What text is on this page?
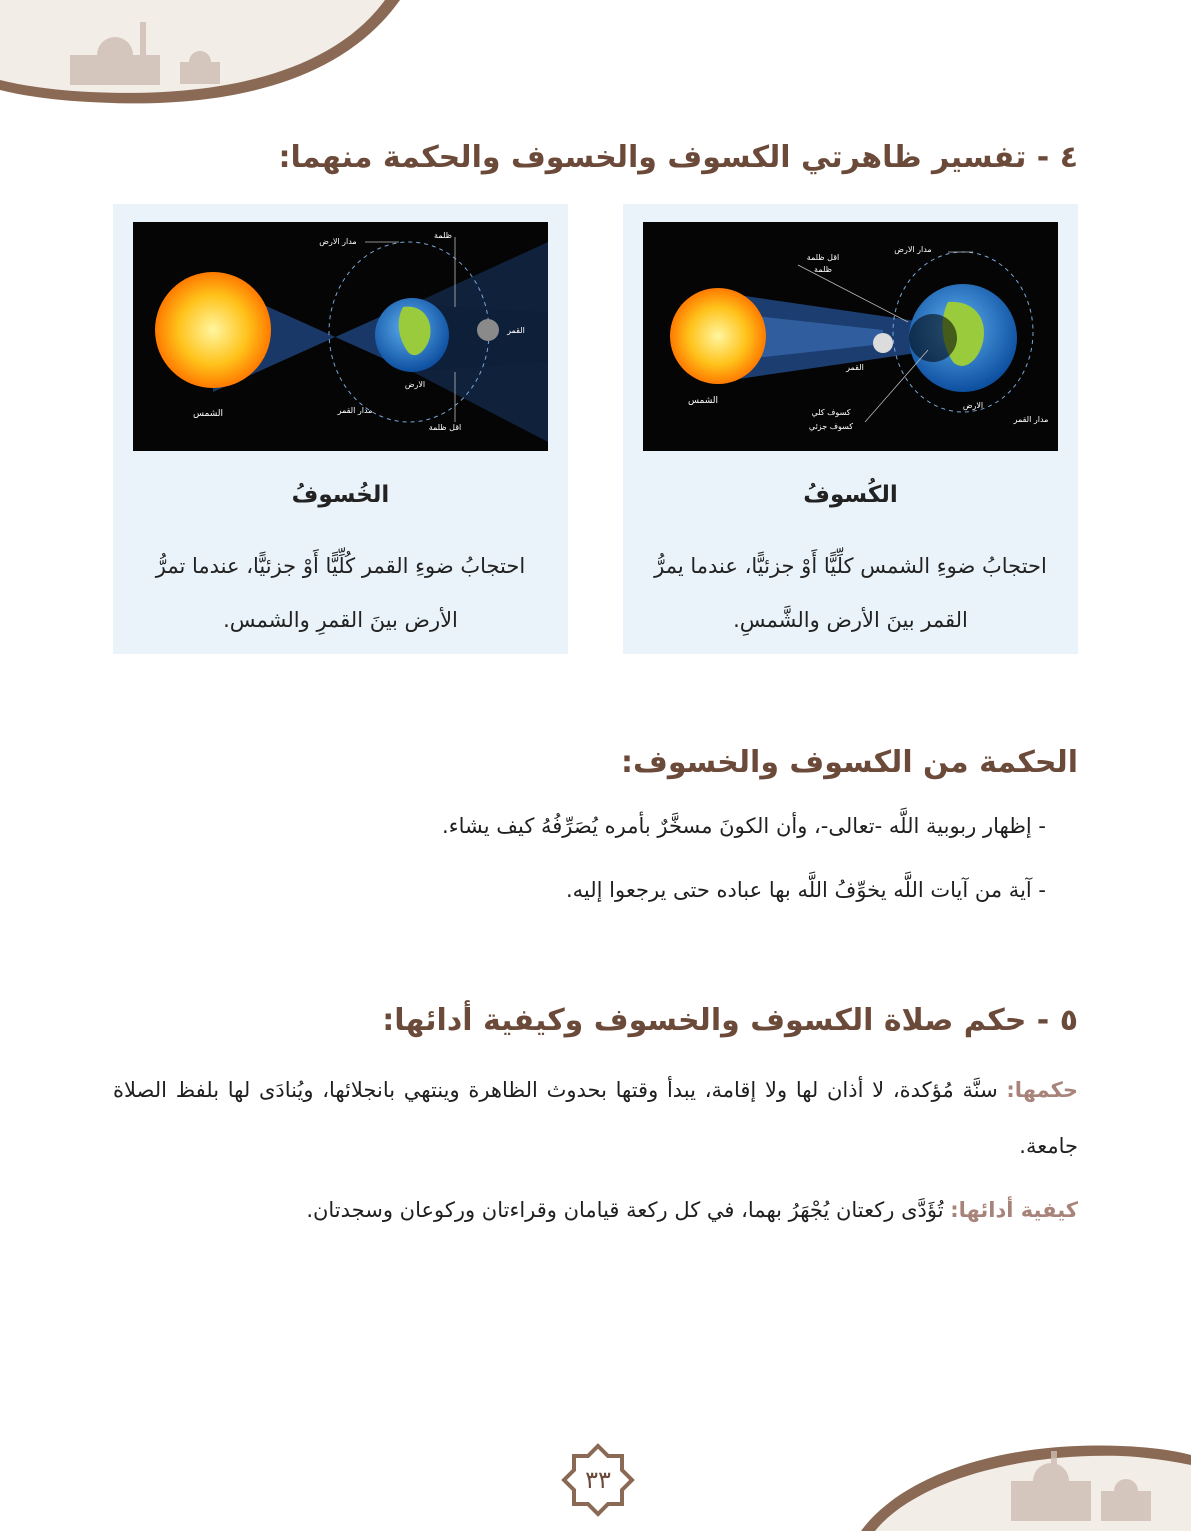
٤ - تفسير ظاهرتي الكسوف والخسوف والحكمة منهما:
مدار الارض
اقل ظلمة
ظلمة
القمر
الشمس
كسوف كلي
كسوف جزئي
الارض
مدار القمر
الكُسوفُ

احتجابُ ضوءِ الشمس كلِّيًّا أَوْ جزئيًّا، عندما يمرُّ القمر بينَ الأرض والشَّمسِ.

مدار الارض
ظلمة
القمر
الارض
الشمس	مدار القمر
اقل ظلمة
الخُسوفُ

احتجابُ ضوءِ القمر كُلِّيًّا أَوْ جزئيًّا، عندما تمرُّ الأرض بينَ القمرِ والشمس.

الحكمة من الكسوف والخسوف:

- إظهار ربوبية اللَّه -تعالى-، وأن الكونَ مسخَّرٌ بأمره يُصَرِّفُهُ كيف يشاء.

- آية من آيات اللَّه يخوِّفُ اللَّه بها عباده حتى يرجعوا إليه.

٥ - حكم صلاة الكسوف والخسوف وكيفية أدائها:

حكمها: سنَّة مُؤكدة، لا أذان لها ولا إقامة، يبدأ وقتها بحدوث الظاهرة وينتهي بانجلائها، ويُنادَى لها بلفظ الصلاة جامعة.

كيفية أدائها: تُؤَدَّى ركعتان يُجْهَرُ بهما، في كل ركعة قيامان وقراءتان وركوعان وسجدتان.

٣٣
